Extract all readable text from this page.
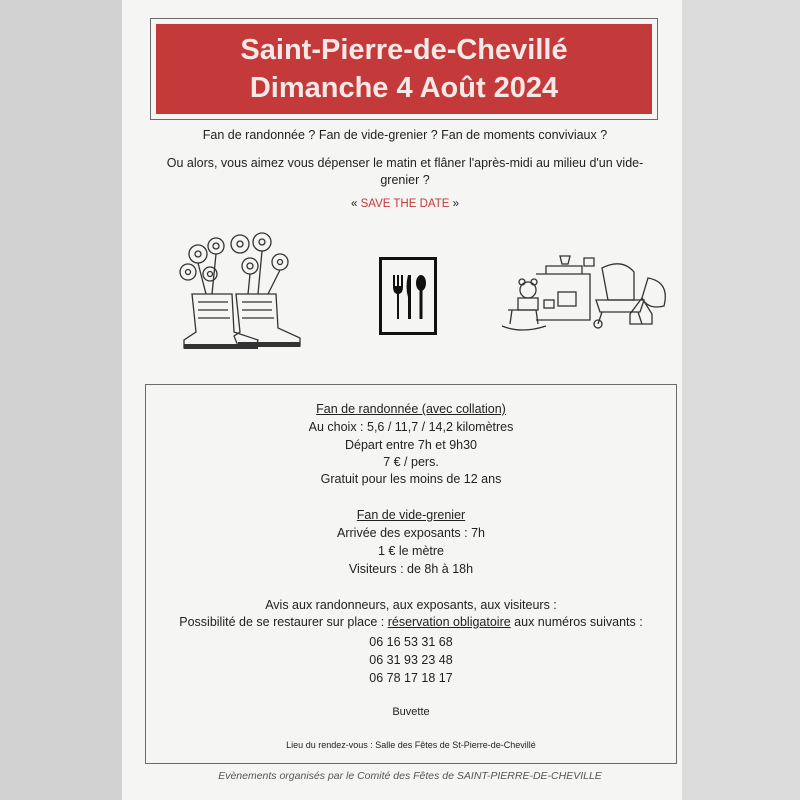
Saint-Pierre-de-Chevillé
Dimanche 4 Août 2024
Fan de randonnée ? Fan de vide-grenier ? Fan de moments conviviaux ?
Ou alors, vous aimez vous dépenser le matin et flâner l'après-midi au milieu d'un vide-
grenier ?
« SAVE THE DATE »
Fan de randonnée (avec collation)
Au choix : 5,6 / 11,7 / 14,2 kilomètres
Départ entre 7h et 9h30
7 € / pers.
Gratuit pour les moins de 12 ans
Fan de vide-grenier
Arrivée des exposants : 7h
1 € le mètre
Visiteurs : de 8h à 18h
Avis aux randonneurs, aux exposants, aux visiteurs :
Possibilité de se restaurer sur place : réservation obligatoire aux numéros suivants :
06 16 53 31 68
06 31 93 23 48
06 78 17 18 17
Buvette
Lieu du rendez-vous : Salle des Fêtes de St-Pierre-de-Chevillé
Evènements organisés par le Comité des Fêtes de SAINT-PIERRE-DE-CHEVILLE
